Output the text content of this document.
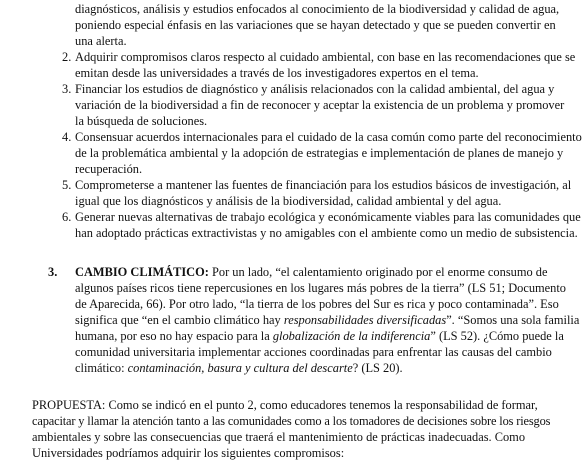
diagnósticos, análisis y estudios enfocados al conocimiento de la biodiversidad y calidad de agua,
poniendo especial énfasis en las variaciones que se hayan detectado y que se pueden convertir en
una alerta.
2. Adquirir compromisos claros respecto al cuidado ambiental, con base en las recomendaciones que se
emitan desde las universidades a través de los investigadores expertos en el tema.
3. Financiar los estudios de diagnóstico y análisis relacionados con la calidad ambiental, del agua y
variación de la biodiversidad a fin de reconocer y aceptar la existencia de un problema y promover
la búsqueda de soluciones.
4. Consensuar acuerdos internacionales para el cuidado de la casa común como parte del reconocimiento
de la problemática ambiental y la adopción de estrategias e implementación de planes de manejo y
recuperación.
5. Comprometerse a mantener las fuentes de financiación para los estudios básicos de investigación, al
igual que los diagnósticos y análisis de la biodiversidad, calidad ambiental y del agua.
6. Generar nuevas alternativas de trabajo ecológica y económicamente viables para las comunidades que
han adoptado prácticas extractivistas y no amigables con el ambiente como un medio de subsistencia.
3. CAMBIO CLIMÁTICO: Por un lado, “el calentamiento originado por el enorme consumo de
algunos países ricos tiene repercusiones en los lugares más pobres de la tierra” (LS 51; Documento
de Aparecida, 66). Por otro lado, “la tierra de los pobres del Sur es rica y poco contaminada”. Eso
significa que “en el cambio climático hay responsabilidades diversificadas”. “Somos una sola familia
humana, por eso no hay espacio para la globalización de la indiferencia” (LS 52). ¿Cómo puede la
comunidad universitaria implementar acciones coordinadas para enfrentar las causas del cambio
climático: contaminación, basura y cultura del descarte? (LS 20).
PROPUESTA: Como se indicó en el punto 2, como educadores tenemos la responsabilidad de formar,
capacitar y llamar la atención tanto a las comunidades como a los tomadores de decisiones sobre los riesgos
ambientales y sobre las consecuencias que traerá el mantenimiento de prácticas inadecuadas. Como
Universidades podríamos adquirir los siguientes compromisos:
